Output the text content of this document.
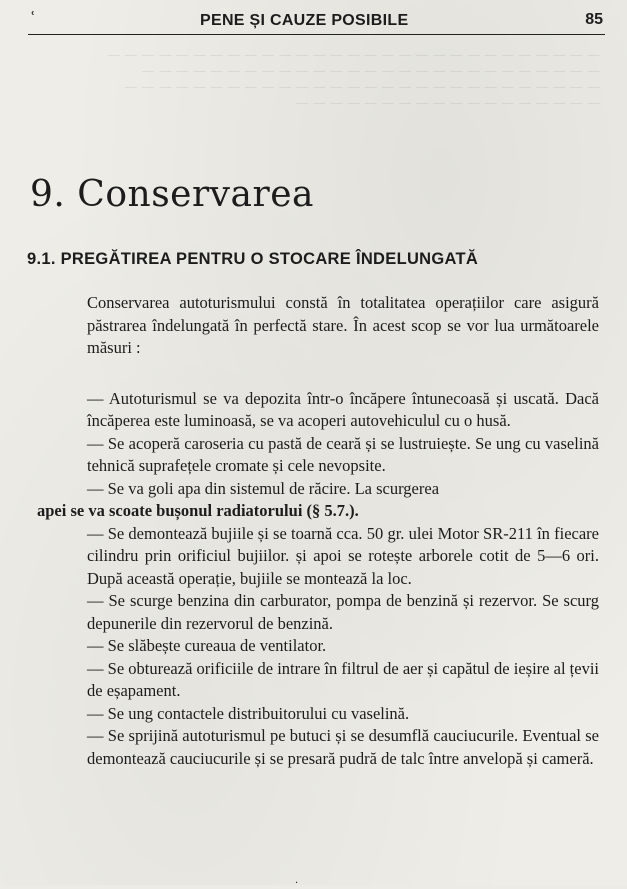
— — — — — — — — — — — — — — — — — — — — — — — — — — — — —
— — — — — — — — — — — — — — — — — — — — — — — — — — —
— — — — — — — — — — — — — — — — — — — — — — — — — — — —
— — — — — — — — — — — — — — — — — —
PENE ȘI CAUZE POSIBILE	85
ʿ
9. Conservarea
9.1. PREGĂTIREA PENTRU O STOCARE ÎNDELUNGATĂ

Conservarea autoturismului constă în totalitatea operațiilor care asigură păstrarea îndelungată în perfectă stare. În acest scop se vor lua următoarele măsuri :

— Autoturismul se va depozita într-o încăpere întunecoasă și uscată. Dacă încăperea este luminoasă, se va acoperi autovehiculul cu o husă.

— Se acoperă caroseria cu pastă de ceară și se lustruiește. Se ung cu vaselină tehnică suprafețele cromate și cele nevopsite.

— Se va goli apa din sistemul de răcire. La scurgerea

apei se va scoate bușonul radiatorului (§ 5.7.).

— Se demontează bujiile și se toarnă cca. 50 gr. ulei Motor SR-211 în fiecare cilindru prin orificiul bujiilor. și apoi se rotește arborele cotit de 5—6 ori. După această operație, bujiile se montează la loc.

— Se scurge benzina din carburator, pompa de benzină și rezervor. Se scurg depunerile din rezervorul de benzină.

— Se slăbește cureaua de ventilator.

— Se obturează orificiile de intrare în filtrul de aer și capătul de ieșire al țevii de eșapament.

— Se ung contactele distribuitorului cu vaselină.

— Se sprijină autoturismul pe butuci și se desumflă cauciucurile. Eventual se demontează cauciucurile și se presară pudră de talc între anvelopă și cameră.

·
